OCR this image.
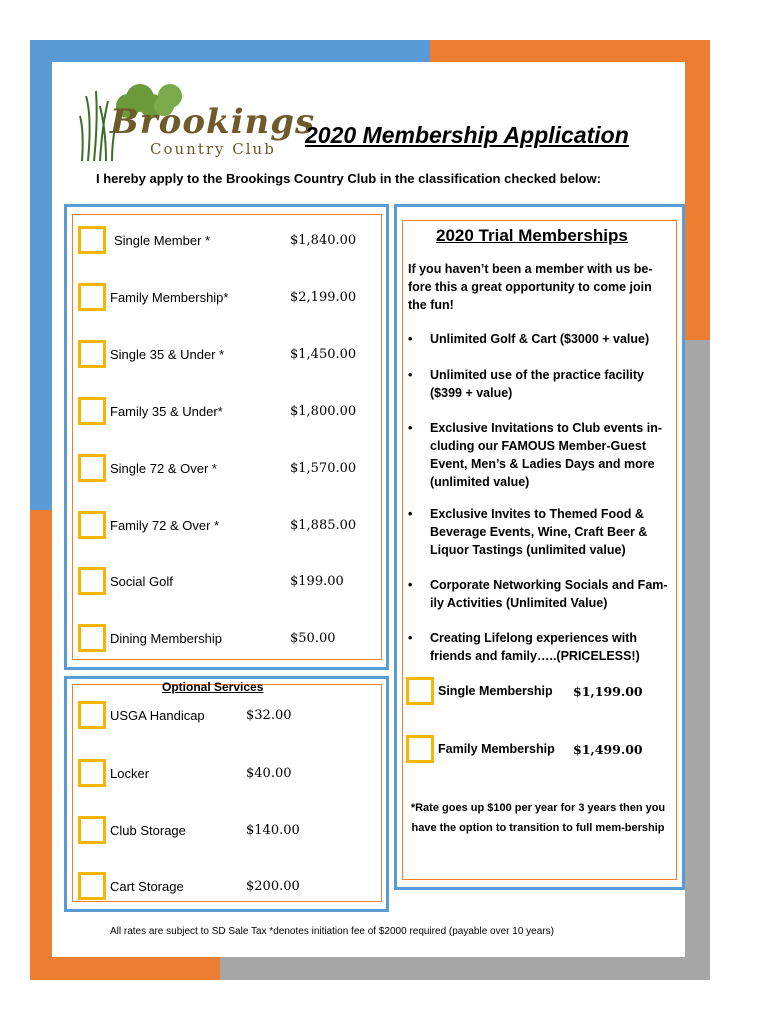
Brookings
Country Club
2020 Membership Application
I hereby apply to the Brookings Country Club in the classification checked below:
Single Member *	$1,840.00
Family Membership*	$2,199.00
Single 35 & Under *	$1,450.00
Family 35 & Under*	$1,800.00
Single 72 & Over *	$1,570.00
Family 72 & Over *	$1,885.00
Social Golf	$199.00
Dining Membership	$50.00
Optional Services
USGA Handicap	$32.00
Locker	$40.00
Club Storage	$140.00
Cart Storage	$200.00
2020 Trial Memberships
If you haven’t been a member with us be-fore this a great opportunity to come join the fun!
• Unlimited Golf & Cart ($3000 + value)
• Unlimited use of the practice facility ($399 + value)
• Exclusive Invitations to Club events in-cluding our FAMOUS Member-Guest Event, Men’s & Ladies Days and more (unlimited value)
• Exclusive Invites to Themed Food & Beverage Events, Wine, Craft Beer & Liquor Tastings (unlimited value)
• Corporate Networking Socials and Fam-ily Activities (Unlimited Value)
• Creating Lifelong experiences with friends and family…..(PRICELESS!)
Single Membership $1,199.00
Family Membership $1,499.00
*Rate goes up $100 per year for 3 years then you have the option to transition to full mem-bership
All rates are subject to SD Sale Tax *denotes initiation fee of $2000 required (payable over 10 years)
